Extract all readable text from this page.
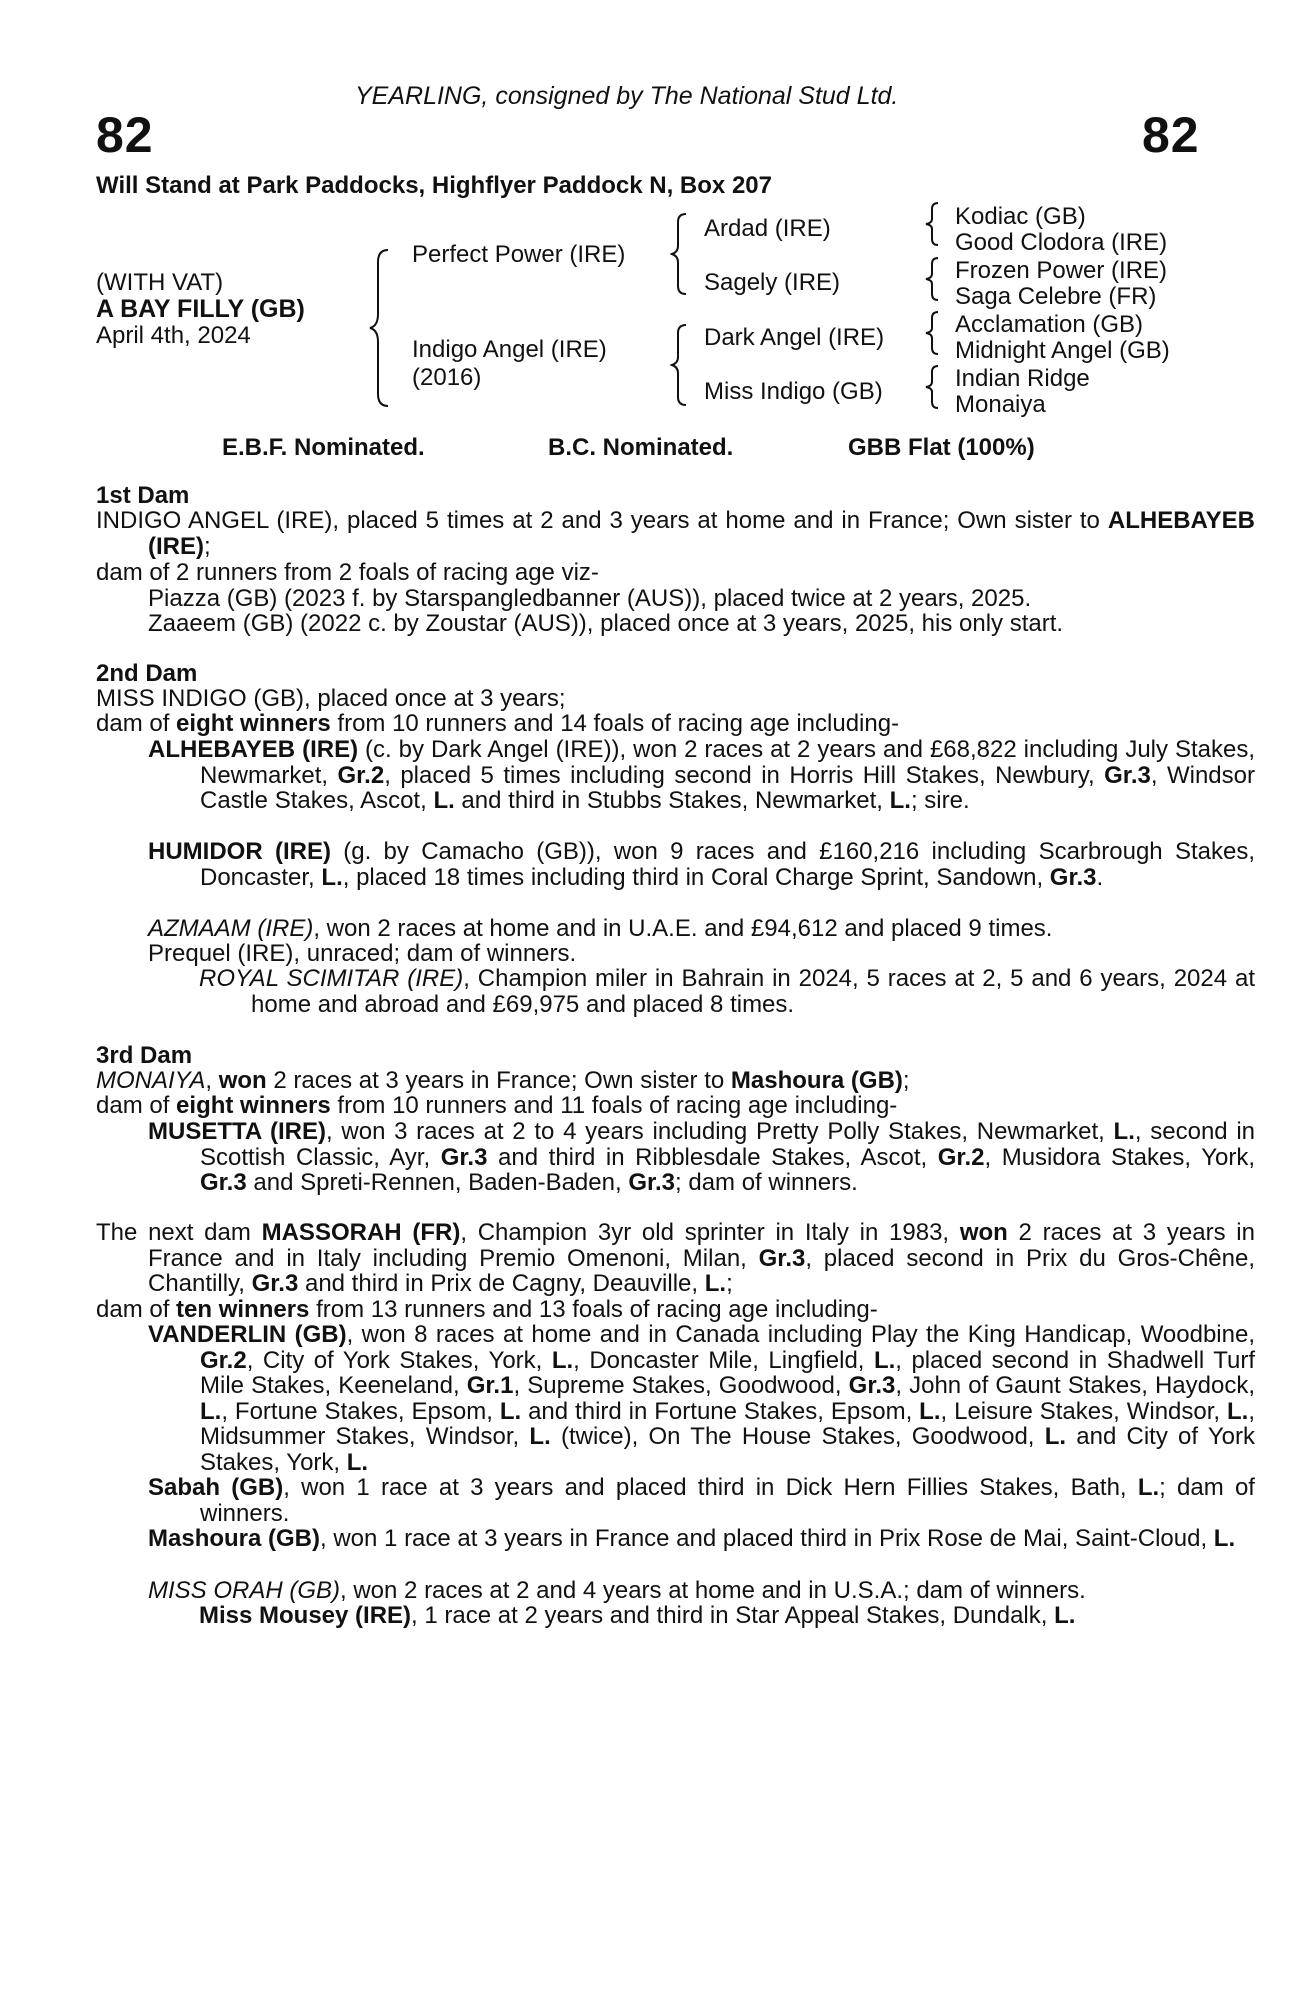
YEARLING, consigned by The National Stud Ltd.
82	82
Will Stand at Park Paddocks, Highflyer Paddock N, Box 207
(WITH VAT)
A BAY FILLY (GB)
April 4th, 2024
Perfect Power (IRE)
Indigo Angel (IRE)
(2016)
Ardad (IRE)
Sagely (IRE)
Dark Angel (IRE)
Miss Indigo (GB)
Kodiac (GB)
Good Clodora (IRE)
Frozen Power (IRE)
Saga Celebre (FR)
Acclamation (GB)
Midnight Angel (GB)
Indian Ridge
Monaiya
E.B.F. Nominated.	B.C. Nominated.	GBB Flat (100%)
1st Dam
INDIGO ANGEL (IRE), placed 5 times at 2 and 3 years at home and in France; Own sister to ALHEBAYEB (IRE);
dam of 2 runners from 2 foals of racing age viz-
Piazza (GB) (2023 f. by Starspangledbanner (AUS)), placed twice at 2 years, 2025.
Zaaeem (GB) (2022 c. by Zoustar (AUS)), placed once at 3 years, 2025, his only start.
2nd Dam
MISS INDIGO (GB), placed once at 3 years;
dam of eight winners from 10 runners and 14 foals of racing age including-
ALHEBAYEB (IRE) (c. by Dark Angel (IRE)), won 2 races at 2 years and £68,822 including July Stakes, Newmarket, Gr.2, placed 5 times including second in Horris Hill Stakes, Newbury, Gr.3, Windsor Castle Stakes, Ascot, L. and third in Stubbs Stakes, Newmarket, L.; sire.
HUMIDOR (IRE) (g. by Camacho (GB)), won 9 races and £160,216 including Scarbrough Stakes, Doncaster, L., placed 18 times including third in Coral Charge Sprint, Sandown, Gr.3.
AZMAAM (IRE), won 2 races at home and in U.A.E. and £94,612 and placed 9 times.
Prequel (IRE), unraced; dam of winners.
ROYAL SCIMITAR (IRE), Champion miler in Bahrain in 2024, 5 races at 2, 5 and 6 years, 2024 at home and abroad and £69,975 and placed 8 times.
3rd Dam
MONAIYA, won 2 races at 3 years in France; Own sister to Mashoura (GB);
dam of eight winners from 10 runners and 11 foals of racing age including-
MUSETTA (IRE), won 3 races at 2 to 4 years including Pretty Polly Stakes, Newmarket, L., second in Scottish Classic, Ayr, Gr.3 and third in Ribblesdale Stakes, Ascot, Gr.2, Musidora Stakes, York, Gr.3 and Spreti-Rennen, Baden-Baden, Gr.3; dam of winners.
The next dam MASSORAH (FR), Champion 3yr old sprinter in Italy in 1983, won 2 races at 3 years in France and in Italy including Premio Omenoni, Milan, Gr.3, placed second in Prix du Gros-Chêne, Chantilly, Gr.3 and third in Prix de Cagny, Deauville, L.;
dam of ten winners from 13 runners and 13 foals of racing age including-
VANDERLIN (GB), won 8 races at home and in Canada including Play the King Handicap, Woodbine, Gr.2, City of York Stakes, York, L., Doncaster Mile, Lingfield, L., placed second in Shadwell Turf Mile Stakes, Keeneland, Gr.1, Supreme Stakes, Goodwood, Gr.3, John of Gaunt Stakes, Haydock, L., Fortune Stakes, Epsom, L. and third in Fortune Stakes, Epsom, L., Leisure Stakes, Windsor, L., Midsummer Stakes, Windsor, L. (twice), On The House Stakes, Goodwood, L. and City of York Stakes, York, L.
Sabah (GB), won 1 race at 3 years and placed third in Dick Hern Fillies Stakes, Bath, L.; dam of winners.
Mashoura (GB), won 1 race at 3 years in France and placed third in Prix Rose de Mai, Saint-Cloud, L.
MISS ORAH (GB), won 2 races at 2 and 4 years at home and in U.S.A.; dam of winners.
Miss Mousey (IRE), 1 race at 2 years and third in Star Appeal Stakes, Dundalk, L.
